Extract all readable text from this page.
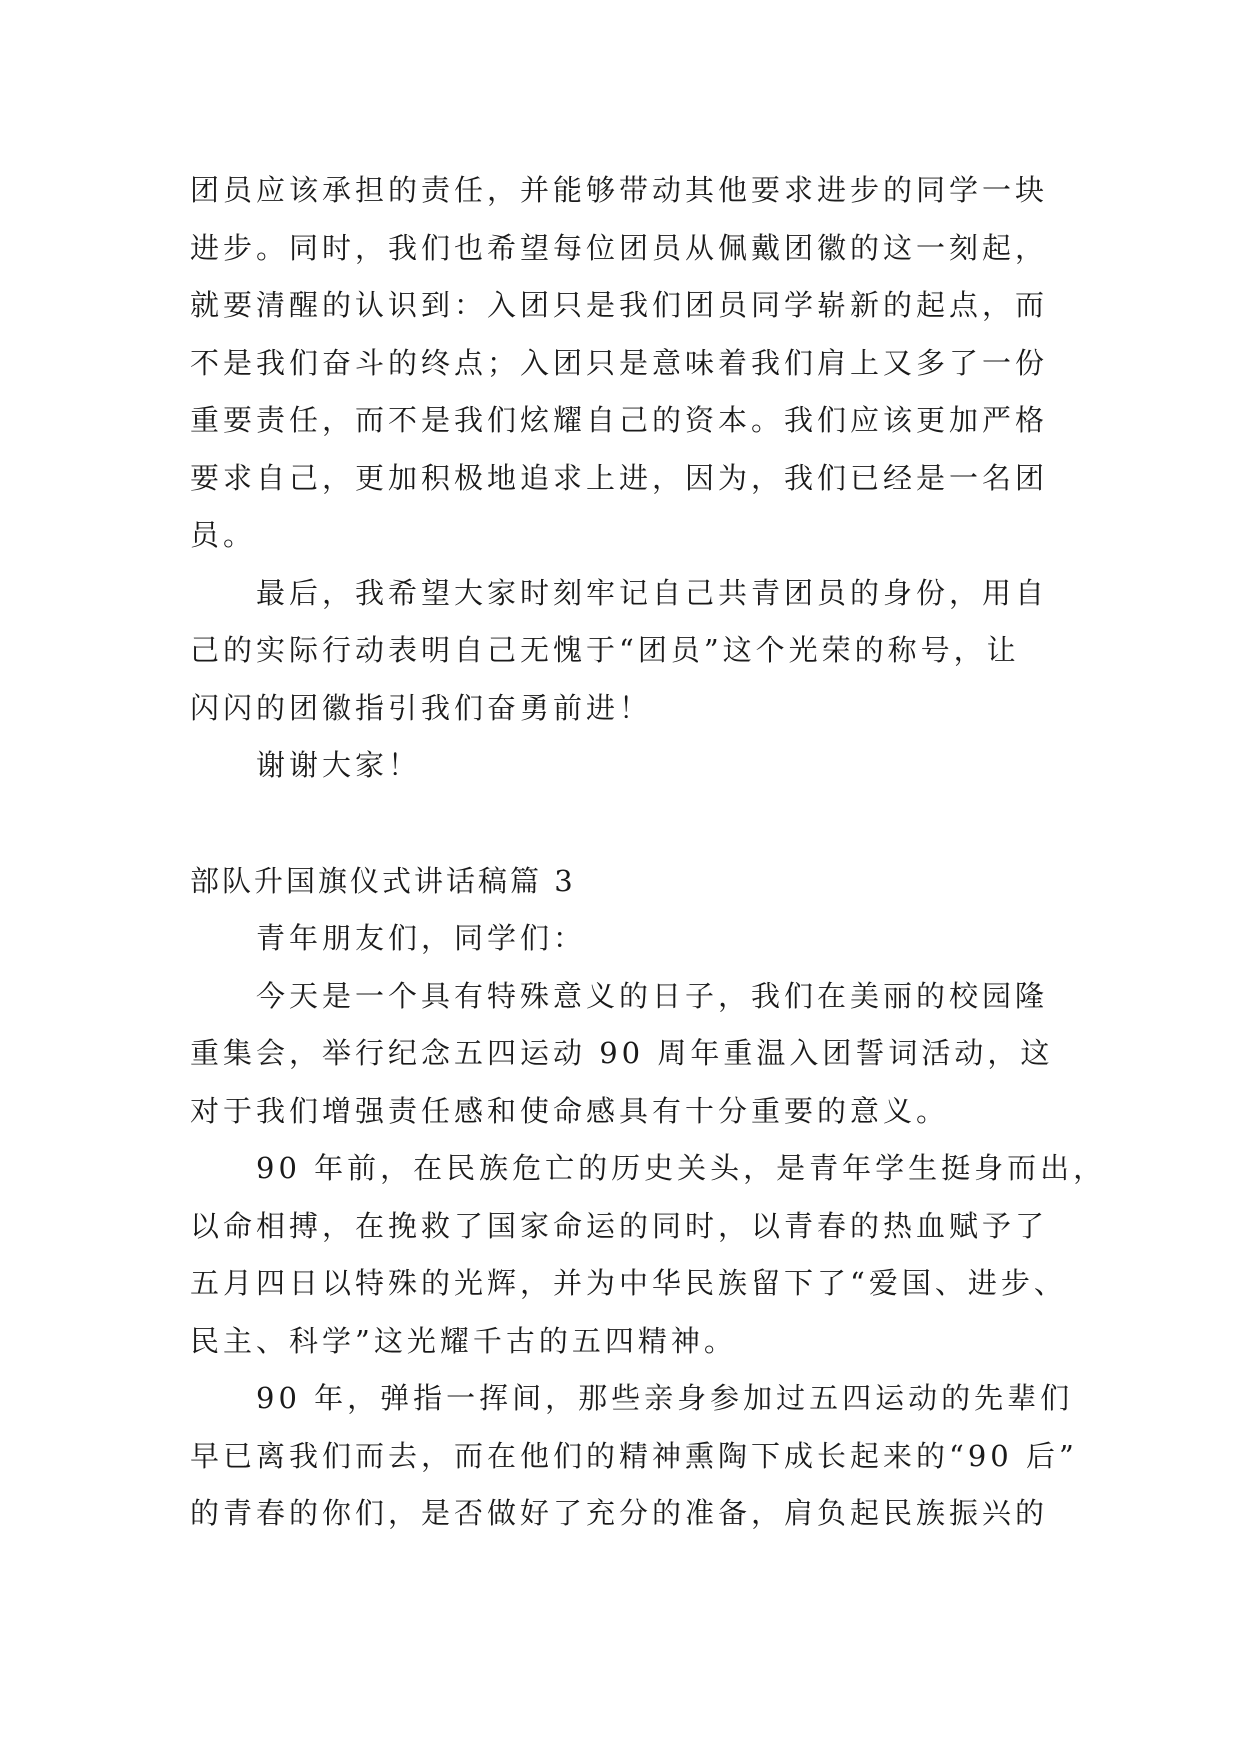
团员应该承担的责任，并能够带动其他要求进步的同学一块
进步。同时，我们也希望每位团员从佩戴团徽的这一刻起，
就要清醒的认识到：入团只是我们团员同学崭新的起点，而
不是我们奋斗的终点；入团只是意味着我们肩上又多了一份
重要责任，而不是我们炫耀自己的资本。我们应该更加严格
要求自己，更加积极地追求上进，因为，我们已经是一名团
员。
最后，我希望大家时刻牢记自己共青团员的身份，用自
己的实际行动表明自己无愧于“团员”这个光荣的称号，让
闪闪的团徽指引我们奋勇前进！
谢谢大家！
部队升国旗仪式讲话稿篇 3
青年朋友们，同学们：
今天是一个具有特殊意义的日子，我们在美丽的校园隆
重集会，举行纪念五四运动 90 周年重温入团誓词活动，这
对于我们增强责任感和使命感具有十分重要的意义。
90 年前，在民族危亡的历史关头，是青年学生挺身而出，
以命相搏，在挽救了国家命运的同时，以青春的热血赋予了
五月四日以特殊的光辉，并为中华民族留下了“爱国、进步、
民主、科学”这光耀千古的五四精神。
90 年，弹指一挥间，那些亲身参加过五四运动的先辈们
早已离我们而去，而在他们的精神熏陶下成长起来的“90 后”
的青春的你们，是否做好了充分的准备，肩负起民族振兴的
